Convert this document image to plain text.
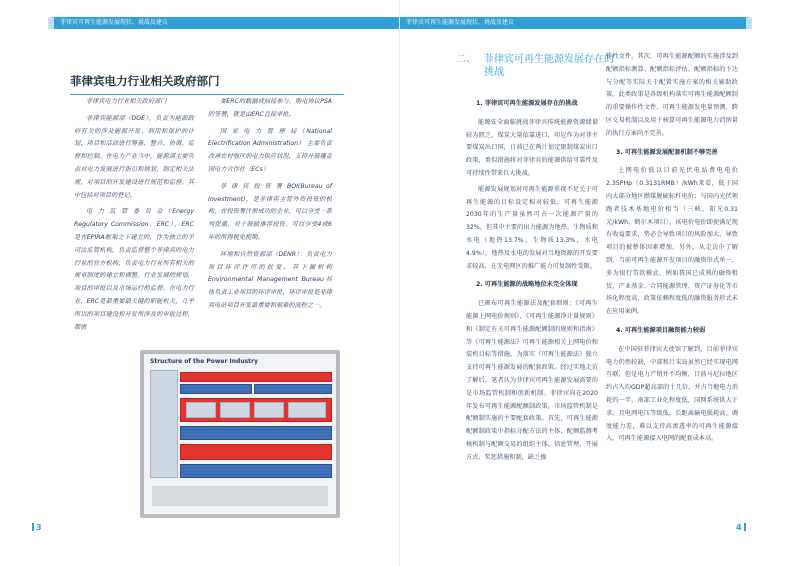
菲律宾可再生能源发展现状、挑战及建议
菲律宾电力行业相关政府部门

菲律宾电力行业相关政府部门

菲律宾能源部（DOE），负责为能源政府有关的涉及能源开发、利用和保护的计划、项目和活动进行筹备、整合、协调、监督和控制。在电力产业当中，能源部主要负责对电力发展进行指引和规划，制定相关法规，对项目的开发建设进行规范和监督。其中包括对项目的登记。

电 力 监 管 委 员 会（Energy Regulatory Commission，ERC），ERC是在EPIRA框架之下建立的，作为独立的半司法监管机构，负责监督整个菲律宾的电力行业的官方机构，负责电力行业所有相关的规章制度的建立和调整。行业发展的规划，项目的审批以及市场运行的监督。在电力行业，ERC是最重要最关键的职能机关，几乎所以的项目建设和开发所涉及的审批过程，都需

要ERC的数据或间接参与。购电协议PSA的签署，就是由ERC直接审批。

国 家 电 力 管 理 局（National Electrification Administration） 主要负责改善农村地区的电力供应状况，支持开展覆盖国电力合作社（ECs）

菲 律 宾 投 资 署 BOI(Bureau of Investment)，是菲律宾主管外资投资的机构，在投资署注册成功的企业，可以享受一系列优惠，对于鼓励推荐投资。可以享受4或6年的所得税免税期。

环境和自然资源部（DENR）：负责电力项目环评许可的批复，其下属机构Environmental Management Bureau具体负责工业项目的环评审批，环评审批是菲律宾电站项目开发最重要和艰难的流程之一。

Structure of the Power Industry
3
菲律宾可再生能源发展现状、挑战及建议
二、 菲律宾可再生能源发展存在的挑战

1. 菲律宾可再生能源发展存在的挑战

能源安全面临挑战菲律宾传统能源资源储量较为匮乏，煤炭大量依靠进口，印尼作为对菲主要煤炭出口国，日前已在两计划定限制煤炭出口政策，类似措施将对菲律宾的能源供给可靠性及可持续性带来巨大挑战。

能源发展规划对可再生能源重视不足关于可再生能源的目标设定相对较低，可再生能源2030年的生产量虽然可占一次能源产量的32%，但其中主要的出力能源为地热、生物质和水电（地热13.7%，生物质13.3%，水电4.9%），地热及水电的发展对当地资源的开发要求较高，在无电网区的推广能力可复制性受限。

2. 可再生能源的战略地位未完全体现

已颁布可再生能源法及配套细则：《可再生能源上网电价规则》、《可再生能源净计量规则》和《制定有关可再生能源配额制的规则和指南》等《可再生能源法》可再生能源相关上网电价和装机目标等措施，为落实《可再生能源法》独立支持可再生能源发展的配套政策。经过实地走访了解后，笔者认为菲律宾可再生能源发展需要的是市场监管机制和创新机制。菲律宾向在2020年发布可再生能源配额制政策，市场监管机制是配额制实施的主要配套政策。首先，可再生能源配额制政策中指标分配方法的主体，配额监测考核机制与配额交易的组织主体、信息管理、开展方式、奖惩措施和制，缺乏操

作性文件。其次，可再生能源配额的实施涉及到配额指标测算、配额指标评估、配额指标的下达与分配等实际关于配置实施方案的相关辅助政策。此类政策是各级机构落实可再生能源配额制的重要操作性文件。可再生能源发电量预测、跨区交易机制以及用于核算可再生能源电力消纳量的执行方案尚不完善。

3. 可再生能源发展配套机制不够完善

上网电价低以目前光伏电站费电电价2.35PHp（0.3131RMB）/kWh来看，低于国内大部分地区燃煤脱硫标杆电价；与国内光伏领跑者技术基地电价相当（三峡、阳光0.31元/kWh、鹤尔木项目）。该电价电价即使满足现有收益要求，势必会导致项目的风险加大，导致项目的被整体因素增加。另外，从走访中了解到，当前可再生能源开发项目的融资形式单一，多为银行贷款模式，例如我国已成熟的融资租赁、产业基金、合同能源管理、资产证券化等市场化程度高，政策依赖程度低的融资服务形式未在应用案例。

4. 可再生能源项目融资能力较弱

在中国驻菲律宾大使馆了解到，目前菲律宾电力仍然较缺，中部和吕宋岛虽然已经实现电网互联，但是电力产销并不均衡，目前马尼拉地区约占入均GDP超高部的十几倍，并占当地电力消耗的一半，南部工业化程度低，国网系统供大于求。且电网电压等级低，长距离输电损耗高；调度能力差，难以支持高渗透率的可再生能源接入，可再生能源接入电网的配套成本高。

4
